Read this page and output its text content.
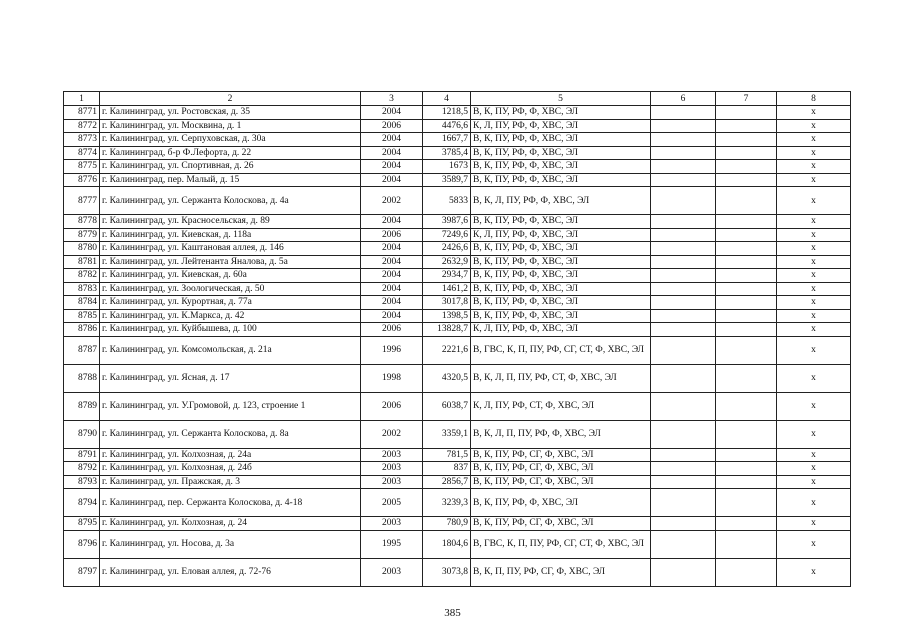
1	2	3	4	5	6	7	8
8771	г. Калининград, ул. Ростовская, д. 35	2004	1218,5	В, К, ПУ, РФ, Ф, ХВС, ЭЛ			х
8772	г. Калининград, ул. Москвина, д. 1	2006	4476,6	К, Л, ПУ, РФ, Ф, ХВС, ЭЛ			х
8773	г. Калининград, ул. Серпуховская, д. 30а	2004	1667,7	В, К, ПУ, РФ, Ф, ХВС, ЭЛ			х
8774	г. Калининград, б-р Ф.Лефорта, д. 22	2004	3785,4	В, К, ПУ, РФ, Ф, ХВС, ЭЛ			х
8775	г. Калининград, ул. Спортивная, д. 26	2004	1673	В, К, ПУ, РФ, Ф, ХВС, ЭЛ			х
8776	г. Калининград, пер. Малый, д. 15	2004	3589,7	В, К, ПУ, РФ, Ф, ХВС, ЭЛ			х
8777	г. Калининград, ул. Сержанта Колоскова, д. 4а	2002	5833	В, К, Л, ПУ, РФ, Ф, ХВС, ЭЛ			х
8778	г. Калининград, ул. Красносельская, д. 89	2004	3987,6	В, К, ПУ, РФ, Ф, ХВС, ЭЛ			х
8779	г. Калининград, ул. Киевская, д. 118а	2006	7249,6	К, Л, ПУ, РФ, Ф, ХВС, ЭЛ			х
8780	г. Калининград, ул. Каштановая аллея, д. 146	2004	2426,6	В, К, ПУ, РФ, Ф, ХВС, ЭЛ			х
8781	г. Калининград, ул. Лейтенанта Яналова, д. 5а	2004	2632,9	В, К, ПУ, РФ, Ф, ХВС, ЭЛ			х
8782	г. Калининград, ул. Киевская, д. 60а	2004	2934,7	В, К, ПУ, РФ, Ф, ХВС, ЭЛ			х
8783	г. Калининград, ул. Зоологическая, д. 50	2004	1461,2	В, К, ПУ, РФ, Ф, ХВС, ЭЛ			х
8784	г. Калининград, ул. Курортная, д. 77а	2004	3017,8	В, К, ПУ, РФ, Ф, ХВС, ЭЛ			х
8785	г. Калининград, ул. К.Маркса, д. 42	2004	1398,5	В, К, ПУ, РФ, Ф, ХВС, ЭЛ			х
8786	г. Калининград, ул. Куйбышева, д. 100	2006	13828,7	К, Л, ПУ, РФ, Ф, ХВС, ЭЛ			х
8787	г. Калининград, ул. Комсомольская, д. 21а	1996	2221,6	В, ГВС, К, П, ПУ, РФ, СГ, СТ, Ф, ХВС, ЭЛ			х
8788	г. Калининград, ул. Ясная, д. 17	1998	4320,5	В, К, Л, П, ПУ, РФ, СТ, Ф, ХВС, ЭЛ			х
8789	г. Калининград, ул. У.Громовой, д. 123, строение 1	2006	6038,7	К, Л, ПУ, РФ, СТ, Ф, ХВС, ЭЛ			х
8790	г. Калининград, ул. Сержанта Колоскова, д. 8а	2002	3359,1	В, К, Л, П, ПУ, РФ, Ф, ХВС, ЭЛ			х
8791	г. Калининград, ул. Колхозная, д. 24а	2003	781,5	В, К, ПУ, РФ, СГ, Ф, ХВС, ЭЛ			х
8792	г. Калининград, ул. Колхозная, д. 24б	2003	837	В, К, ПУ, РФ, СГ, Ф, ХВС, ЭЛ			х
8793	г. Калининград, ул. Пражская, д. 3	2003	2856,7	В, К, ПУ, РФ, СГ, Ф, ХВС, ЭЛ			х
8794	г. Калининград, пер. Сержанта Колоскова, д. 4-18	2005	3239,3	В, К, ПУ, РФ, Ф, ХВС, ЭЛ			х
8795	г. Калининград, ул. Колхозная, д. 24	2003	780,9	В, К, ПУ, РФ, СГ, Ф, ХВС, ЭЛ			х
8796	г. Калининград, ул. Носова, д. 3а	1995	1804,6	В, ГВС, К, П, ПУ, РФ, СГ, СТ, Ф, ХВС, ЭЛ			х
8797	г. Калининград, ул. Еловая аллея, д. 72-76	2003	3073,8	В, К, П, ПУ, РФ, СГ, Ф, ХВС, ЭЛ			х
385
